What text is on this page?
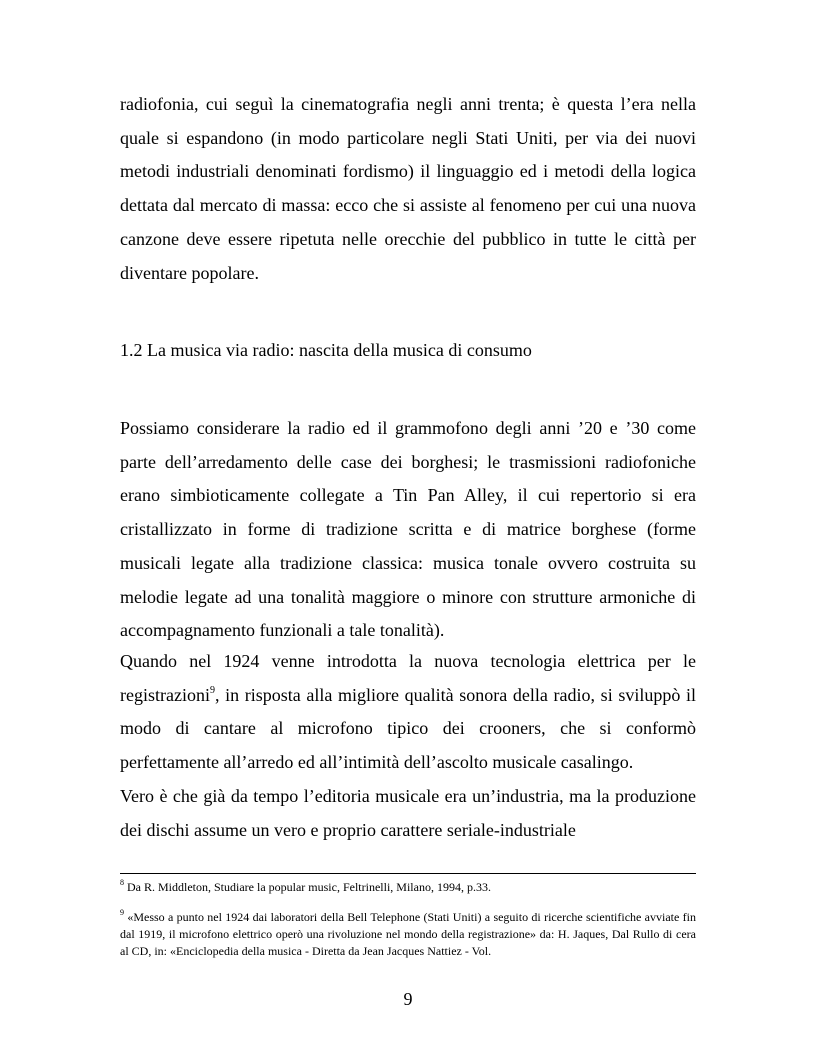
radiofonia, cui seguì la cinematografia negli anni trenta; è questa l’era nella quale si espandono (in modo particolare negli Stati Uniti, per via dei nuovi metodi industriali denominati fordismo) il linguaggio ed i metodi della logica dettata dal mercato di massa: ecco che si assiste al fenomeno per cui una nuova canzone deve essere ripetuta nelle orecchie del pubblico in tutte le città per diventare popolare.

1.2 La musica via radio: nascita della musica di consumo

Possiamo considerare la radio ed il grammofono degli anni ’20 e ’30 come parte dell’arredamento delle case dei borghesi; le trasmissioni radiofoniche erano simbioticamente collegate a Tin Pan Alley, il cui repertorio si era cristallizzato in forme di tradizione scritta e di matrice borghese (forme musicali legate alla tradizione classica: musica tonale ovvero costruita su melodie legate ad una tonalità maggiore o minore con strutture armoniche di accompagnamento funzionali a tale tonalità).

Quando nel 1924 venne introdotta la nuova tecnologia elettrica per le registrazioni$^9$, in risposta alla migliore qualità sonora della radio, si sviluppò il modo di cantare al microfono tipico dei crooners, che si conformò perfettamente all’arredo ed all’intimità dell’ascolto musicale casalingo.

Vero è che già da tempo l’editoria musicale era un’industria, ma la produzione dei dischi assume un vero e proprio carattere seriale-industriale

$^8$ Da R. Middleton, Studiare la popular music, Feltrinelli, Milano, 1994, p.33.

$^9$ «Messo a punto nel 1924 dai laboratori della Bell Telephone (Stati Uniti) a seguito di ricerche scientifiche avviate fin dal 1919, il microfono elettrico operò una rivoluzione nel mondo della registrazione» da: H. Jaques, Dal Rullo di cera al CD, in: «Enciclopedia della musica - Diretta da Jean Jacques Nattiez - Vol.

9
